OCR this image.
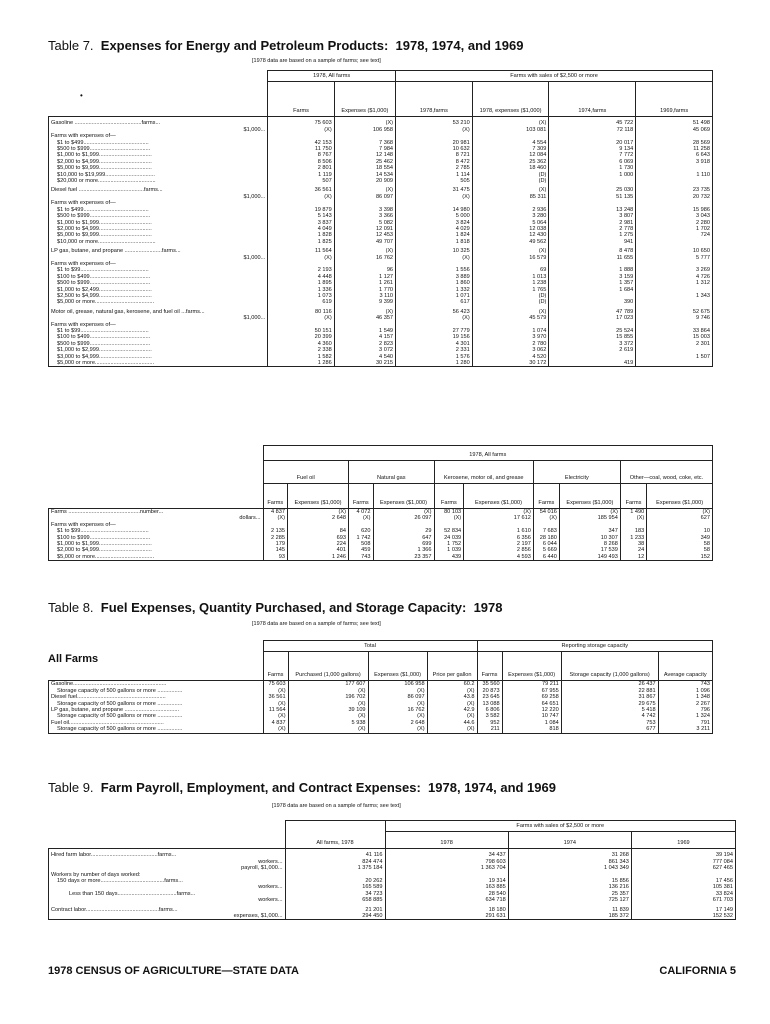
Table 7. Expenses for Energy and Petroleum Products: 1978, 1974, and 1969
[1978 data are based on a sample of farms; see text]
•
	1978, All farms		Farms with sales of $2,500 or more			
	Farms	Expenses ($1,000)	1978,farms	1978, expenses ($1,000)	1974,farms	1969,farms
Gasoline ...........................................farms...	75 603	(X)	53 210	(X)	45 722	51 498
$1,000...	(X)	106 958	(X)	103 081	72 118	45 069
Farms with expenses of—						
$1 to $499..........................................	42 153	7 368	20 981	4 554	20 017	28 569
$500 to $999.......................................	11 750	7 984	10 632	7 309	9 134	11 258
$1,000 to $1,999..................................	8 767	12 148	8 721	12 084	7 772	6 643
$2,000 to $4,999..................................	8 506	25 462	8 472	25 362	6 069	3 918
$5,000 to $9,999..................................	2 801	18 554	2 785	18 460	1 730	
$10,000 to $19,999................................	1 119	14 534	1 114	(D)	1 000	1 110
$20,000 or more.....................................	507	20 909	505	(D)		
Diesel fuel ..........................................farms...	36 561	(X)	31 475	(X)	25 030	23 735
$1,000...	(X)	86 097	(X)	85 311	51 135	20 732
Farms with expenses of—						
$1 to $499..........................................	19 879	3 398	14 980	2 936	13 248	15 986
$500 to $999.......................................	5 143	3 366	5 000	3 280	3 807	3 043
$1,000 to $1,999..................................	3 837	5 082	3 824	5 064	2 981	2 280
$2,000 to $4,999..................................	4 049	12 091	4 029	12 038	2 778	1 702
$5,000 to $9,999..................................	1 828	12 453	1 824	12 430	1 275	724
$10,000 or more.....................................	1 825	49 707	1 818	49 562	941	
LP gas, butane, and propane ........................farms...	11 564	(X)	10 325	(X)	8 478	10 650
$1,000...	(X)	16 762	(X)	16 579	11 655	5 777
Farms with expenses of—						
$1 to $99............................................	2 193	96	1 556	69	1 888	3 269
$100 to $499.......................................	4 448	1 127	3 889	1 013	3 159	4 726
$500 to $999.......................................	1 895	1 261	1 860	1 238	1 357	1 312
$1,000 to $2,499..................................	1 336	1 770	1 332	1 765	1 684	
$2,500 to $4,999..................................	1 073	3 110	1 071	(D)		1 343
$5,000 or more......................................	619	9 399	617	(D)	390	
Motor oil, grease, natural gas, kerosene, and fuel oil ...farms...	80 116	(X)	56 423	(X)	47 789	52 675
$1,000...	(X)	46 357	(X)	45 579	17 023	9 746
Farms with expenses of—						
$1 to $99............................................	50 151	1 549	27 779	1 074	25 524	33 864
$100 to $499.......................................	20 399	4 157	19 156	3 970	15 855	15 003
$500 to $999.......................................	4 360	2 823	4 301	2 780	3 372	2 301
$1,000 to $2,999..................................	2 338	3 072	2 331	3 062	2 619	
$3,000 to $4,999..................................	1 582	4 540	1 576	4 520		1 507
$5,000 or more......................................	1 286	30 215	1 280	30 172	419	
	1978, All farms									
	Fuel oil		Natural gas		Kerosene, motor oil, and grease		Electricity		Other—coal, wood, coke, etc.	
	Farms	Expenses ($1,000)	Farms	Expenses ($1,000)	Farms	Expenses ($1,000)	Farms	Expenses ($1,000)	Farms	Expenses ($1,000)
Farms ..............................................number...	4 837	(X)	4 072	(X)	80 103	(X)	54 016	(X)	1 490	(X)
dollars...	(X)	2 648	(X)	26 097	(X)	17 612	(X)	185 954	(X)	627
Farms with expenses of—										
$1 to $99............................................	2 135	84	620	29	52 834	1 610	7 683	347	183	10
$100 to $999.......................................	2 285	693	1 742	647	24 039	6 356	28 180	10 307	1 233	349
$1,000 to $1,999..................................	179	224	508	699	1 752	2 197	6 044	8 268	38	58
$2,000 to $4,999..................................	145	401	459	1 366	1 039	2 856	5 669	17 539	24	58
$5,000 or more......................................	93	1 246	743	23 357	439	4 593	6 440	149 493	12	152
Table 8. Fuel Expenses, Quantity Purchased, and Storage Capacity: 1978
[1978 data are based on a sample of farms; see text]
All Farms
	Total				Reporting storage capacity			
	Farms	Purchased (1,000 gallons)	Expenses ($1,000)	Price per gallon	Farms	Expenses ($1,000)	Storage capacity (1,000 gallons)	Average capacity
Gasoline............................................................	75 603	177 607	106 958	60.2	35 560	79 211	26 437	743
Storage capacity of 500 gallons or more ................	(X)	(X)	(X)	(X)	20 873	67 955	22 881	1 096
Diesel fuel.........................................................	36 561	196 702	86 097	43.8	23 645	69 258	31 867	1 348
Storage capacity of 500 gallons or more ................	(X)	(X)	(X)	(X)	13 088	64 651	29 675	2 267
LP gas, butane, and propane ...................................	11 564	39 109	16 762	42.9	6 806	12 220	5 418	796
Storage capacity of 500 gallons or more ................	(X)	(X)	(X)	(X)	3 582	10 747	4 742	1 324
Fuel oil.............................................................	4 837	5 938	2 648	44.6	952	1 084	753	791
Storage capacity of 500 gallons or more ................	(X)	(X)	(X)	(X)	211	818	677	3 211
Table 9. Farm Payroll, Employment, and Contract Expenses: 1978, 1974, and 1969
[1978 data are based on a sample of farms; see text]
	All farms, 1978	Farms with sales of $2,500 or more		
		1978	1974	1969
Hired farm labor...........................................farms...	41 116	34 437	31 268	39 194
workers...	824 474	798 603	861 343	777 084
payroll, $1,000...	1 375 184	1 363 704	1 043 349	627 465
Workers by number of days worked:				
150 days or more.........................................farms...	20 262	19 314	15 856	17 456
workers...	165 589	163 885	136 216	105 381
Less than 150 days......................................farms...	34 723	28 540	25 357	33 824
workers...	658 885	634 718	725 127	671 703
Contract labor...............................................farms...	21 201	18 180	11 839	17 149
expenses, $1,000...	294 450	291 631	185 372	152 532
1978 CENSUS OF AGRICULTURE—STATE DATA	CALIFORNIA 5
